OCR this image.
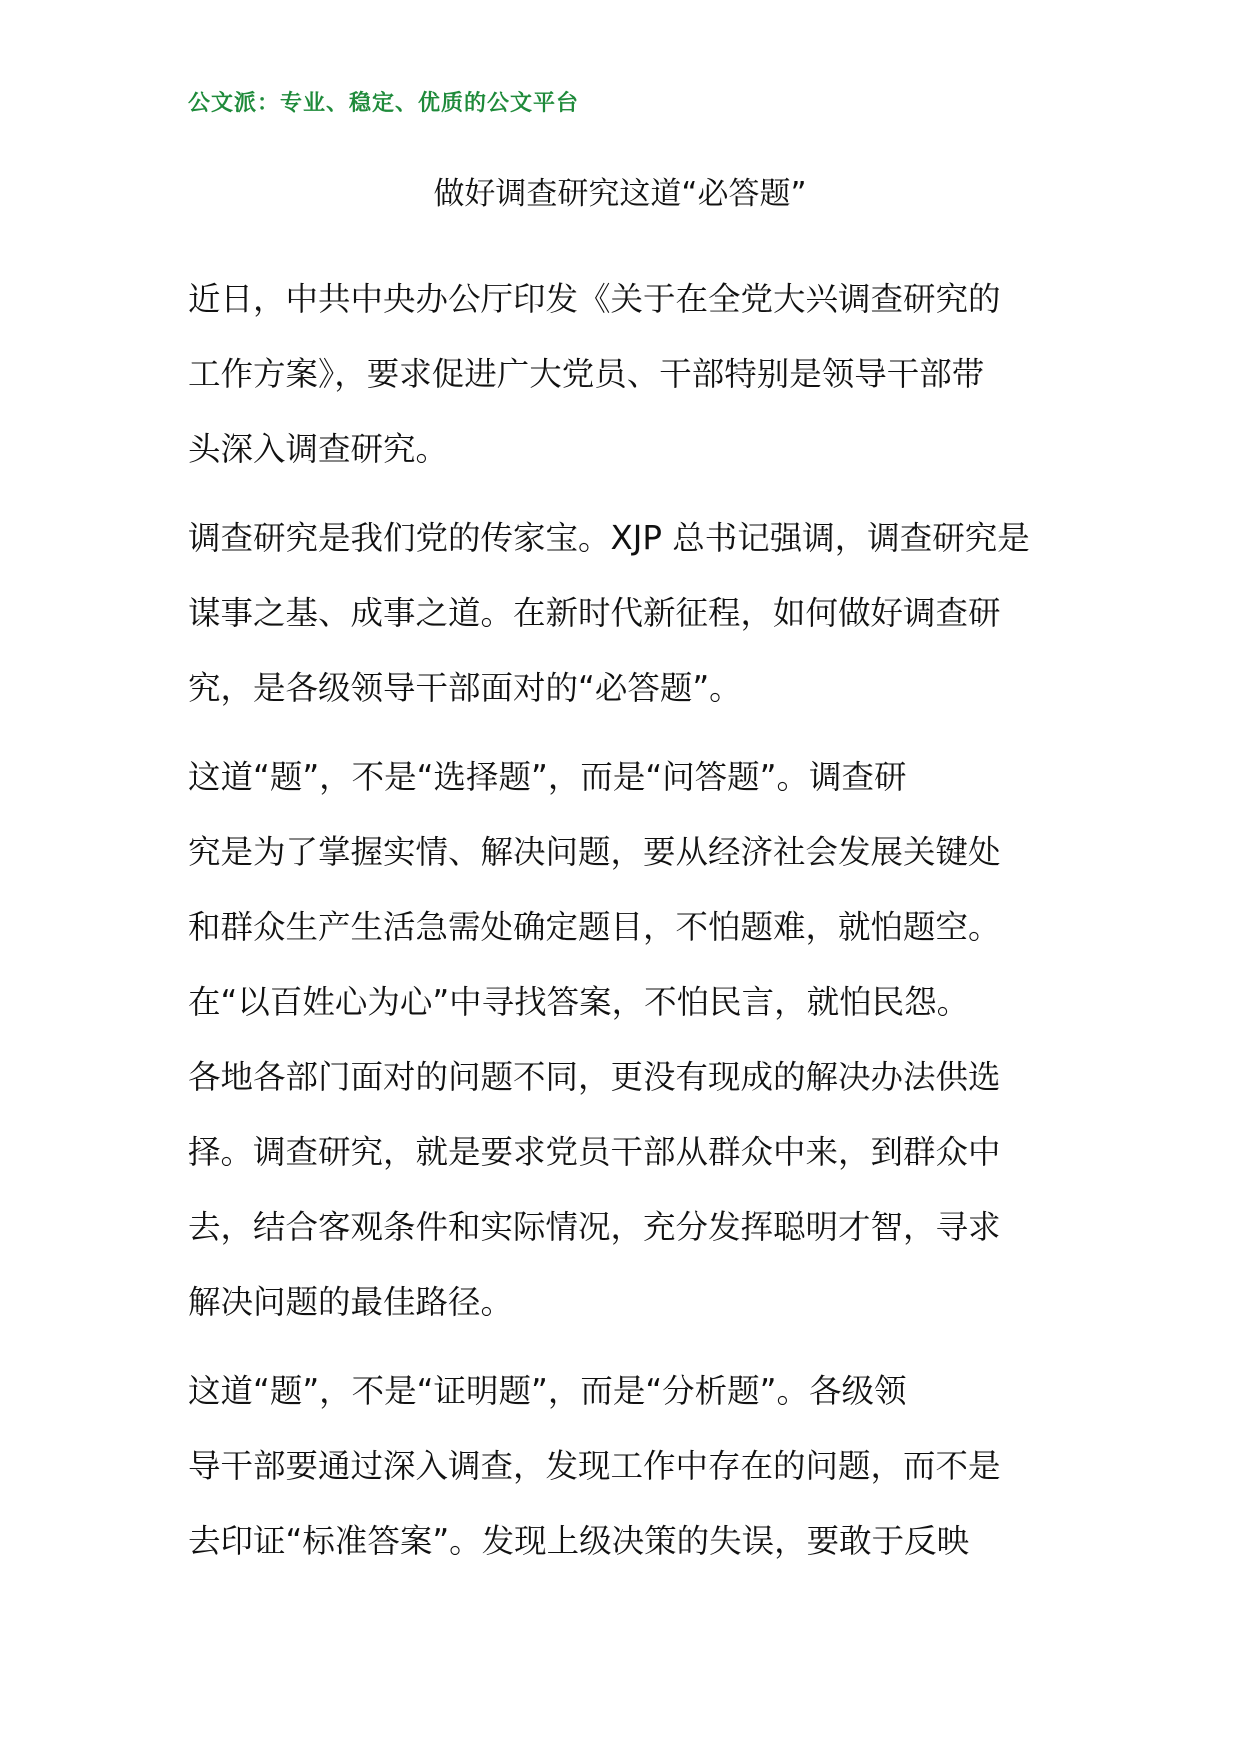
公文派：专业、稳定、优质的公文平台
做好调查研究这道“必答题”
近日，中共中央办公厅印发《关于在全党大兴调查研究的
工作方案》，要求促进广大党员、干部特别是领导干部带
头深入调查研究。
调查研究是我们党的传家宝。XJP 总书记强调，调查研究是
谋事之基、成事之道。在新时代新征程，如何做好调查研
究，是各级领导干部面对的“必答题”。
这道“题”，不是“选择题”，而是“问答题”。调查研
究是为了掌握实情、解决问题，要从经济社会发展关键处
和群众生产生活急需处确定题目，不怕题难，就怕题空。
在“以百姓心为心”中寻找答案，不怕民言，就怕民怨。
各地各部门面对的问题不同，更没有现成的解决办法供选
择。调查研究，就是要求党员干部从群众中来，到群众中
去，结合客观条件和实际情况，充分发挥聪明才智，寻求
解决问题的最佳路径。
这道“题”，不是“证明题”，而是“分析题”。各级领
导干部要通过深入调查，发现工作中存在的问题，而不是
去印证“标准答案”。发现上级决策的失误，要敢于反映
